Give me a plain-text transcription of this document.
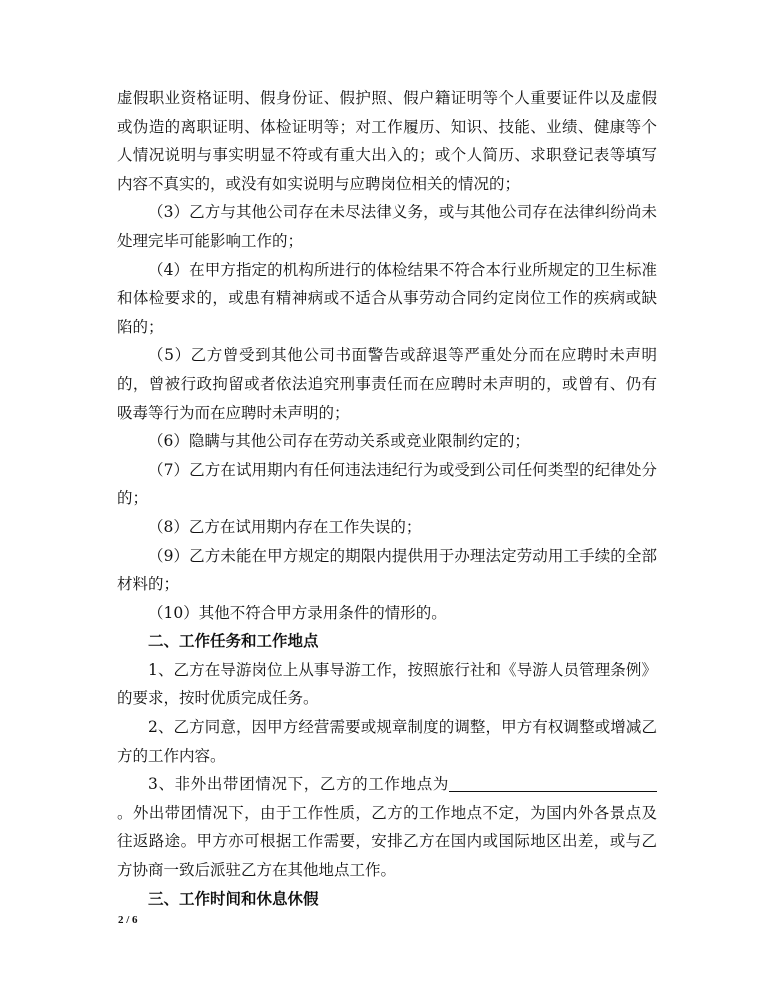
虚假职业资格证明、假身份证、假护照、假户籍证明等个人重要证件以及虚假或伪造的离职证明、体检证明等；对工作履历、知识、技能、业绩、健康等个人情况说明与事实明显不符或有重大出入的；或个人简历、求职登记表等填写内容不真实的，或没有如实说明与应聘岗位相关的情况的；

（3）乙方与其他公司存在未尽法律义务，或与其他公司存在法律纠纷尚未处理完毕可能影响工作的；

（4）在甲方指定的机构所进行的体检结果不符合本行业所规定的卫生标准和体检要求的，或患有精神病或不适合从事劳动合同约定岗位工作的疾病或缺陷的；

（5）乙方曾受到其他公司书面警告或辞退等严重处分而在应聘时未声明的，曾被行政拘留或者依法追究刑事责任而在应聘时未声明的，或曾有、仍有吸毒等行为而在应聘时未声明的；

（6）隐瞒与其他公司存在劳动关系或竞业限制约定的；

（7）乙方在试用期内有任何违法违纪行为或受到公司任何类型的纪律处分的；

（8）乙方在试用期内存在工作失误的；

（9）乙方未能在甲方规定的期限内提供用于办理法定劳动用工手续的全部材料的；

（10）其他不符合甲方录用条件的情形的。

二、工作任务和工作地点

1、乙方在导游岗位上从事导游工作，按照旅行社和《导游人员管理条例》的要求，按时优质完成任务。

2、乙方同意，因甲方经营需要或规章制度的调整，甲方有权调整或增减乙方的工作内容。

3、非外出带团情况下，乙方的工作地点为。外出带团情况下，由于工作性质，乙方的工作地点不定，为国内外各景点及往返路途。甲方亦可根据工作需要，安排乙方在国内或国际地区出差，或与乙方协商一致后派驻乙方在其他地点工作。

三、工作时间和休息休假

2 / 6
